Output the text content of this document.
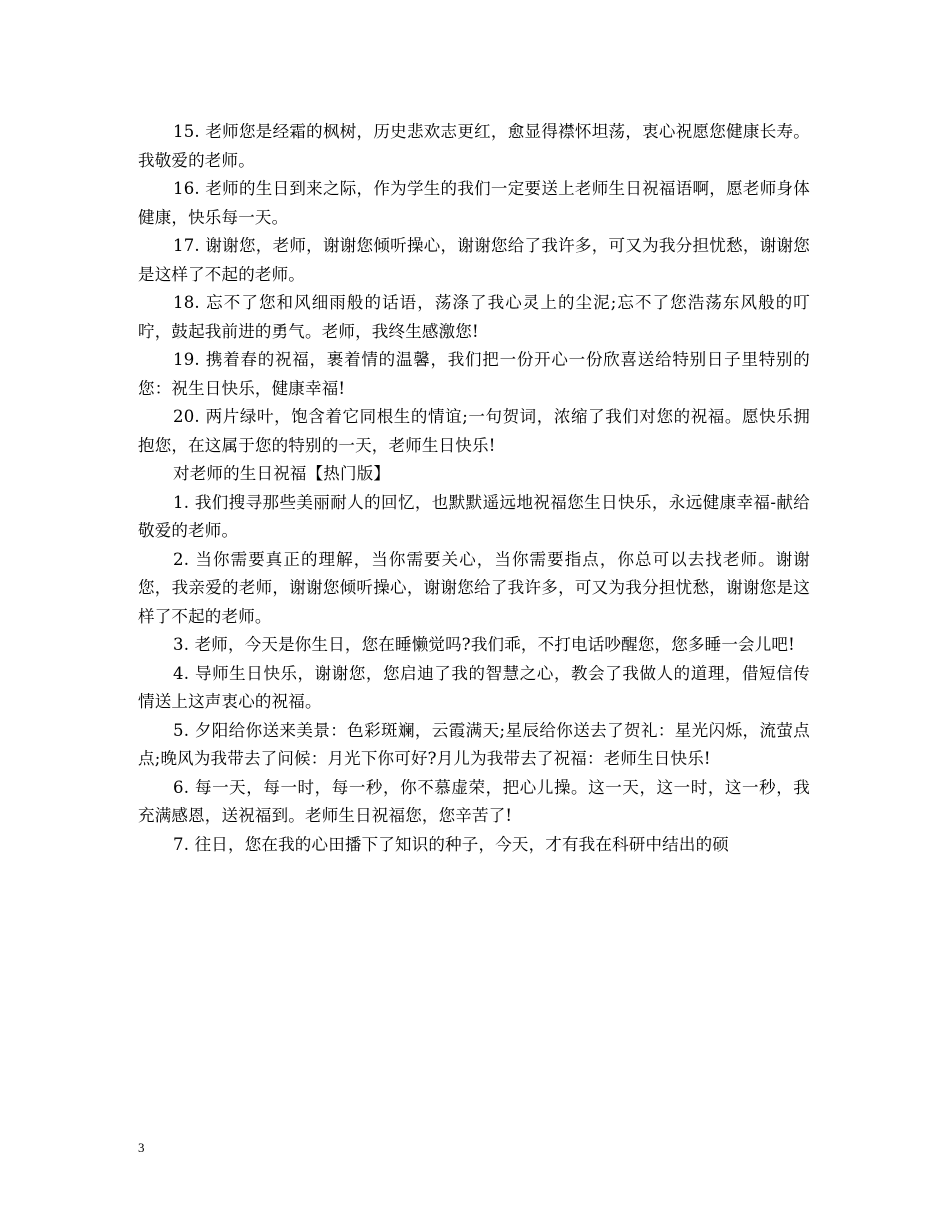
15. 老师您是经霜的枫树，历史悲欢志更红，愈显得襟怀坦荡，衷心祝愿您健康长寿。我敬爱的老师。

16. 老师的生日到来之际，作为学生的我们一定要送上老师生日祝福语啊，愿老师身体健康，快乐每一天。

17. 谢谢您，老师，谢谢您倾听操心，谢谢您给了我许多，可又为我分担忧愁，谢谢您是这样了不起的老师。

18. 忘不了您和风细雨般的话语，荡涤了我心灵上的尘泥;忘不了您浩荡东风般的叮咛，鼓起我前进的勇气。老师，我终生感激您!

19. 携着春的祝福，裹着情的温馨，我们把一份开心一份欣喜送给特别日子里特别的您：祝生日快乐，健康幸福!

20. 两片绿叶，饱含着它同根生的情谊;一句贺词，浓缩了我们对您的祝福。愿快乐拥抱您，在这属于您的特别的一天，老师生日快乐!

对老师的生日祝福【热门版】

1. 我们搜寻那些美丽耐人的回忆，也默默遥远地祝福您生日快乐，永远健康幸福-献给敬爱的老师。

2. 当你需要真正的理解，当你需要关心，当你需要指点，你总可以去找老师。谢谢您，我亲爱的老师，谢谢您倾听操心，谢谢您给了我许多，可又为我分担忧愁，谢谢您是这样了不起的老师。

3. 老师，今天是你生日，您在睡懒觉吗?我们乖，不打电话吵醒您，您多睡一会儿吧!

4. 导师生日快乐，谢谢您，您启迪了我的智慧之心，教会了我做人的道理，借短信传情送上这声衷心的祝福。

5. 夕阳给你送来美景：色彩斑斓，云霞满天;星辰给你送去了贺礼：星光闪烁，流萤点点;晚风为我带去了问候：月光下你可好?月儿为我带去了祝福：老师生日快乐!

6. 每一天，每一时，每一秒，你不慕虚荣，把心儿操。这一天，这一时，这一秒，我充满感恩，送祝福到。老师生日祝福您，您辛苦了!

7. 往日，您在我的心田播下了知识的种子，今天，才有我在科研中结出的硕

3
